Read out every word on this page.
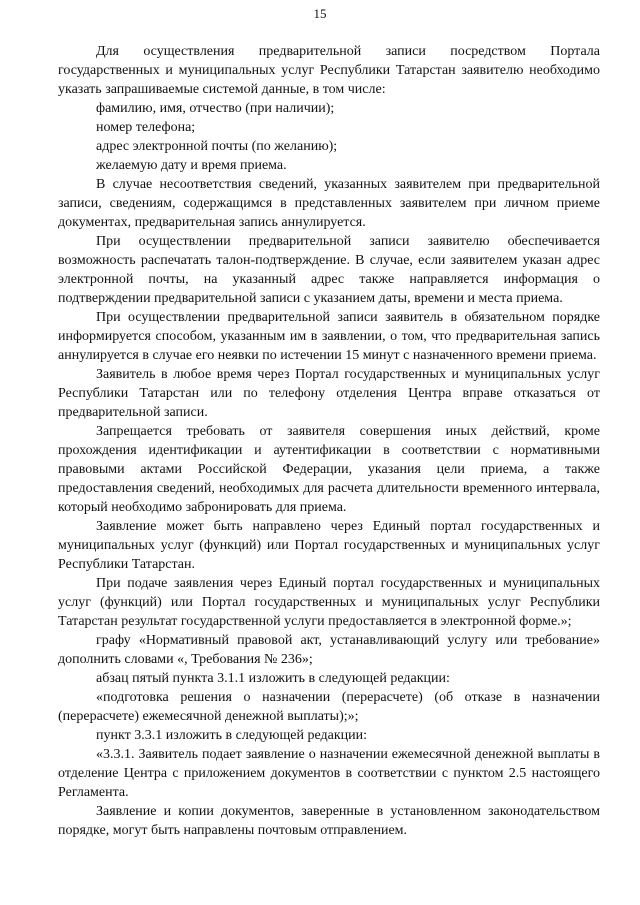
15

Для осуществления предварительной записи посредством Портала государственных и муниципальных услуг Республики Татарстан заявителю необходимо указать запрашиваемые системой данные, в том числе:

фамилию, имя, отчество (при наличии);

номер телефона;

адрес электронной почты (по желанию);

желаемую дату и время приема.

В случае несоответствия сведений, указанных заявителем при предварительной записи, сведениям, содержащимся в представленных заявителем при личном приеме документах, предварительная запись аннулируется.

При осуществлении предварительной записи заявителю обеспечивается возможность распечатать талон-подтверждение. В случае, если заявителем указан адрес электронной почты, на указанный адрес также направляется информация о подтверждении предварительной записи с указанием даты, времени и места приема.

При осуществлении предварительной записи заявитель в обязательном порядке информируется способом, указанным им в заявлении, о том, что предварительная запись аннулируется в случае его неявки по истечении 15 минут с назначенного времени приема.

Заявитель в любое время через Портал государственных и муниципальных услуг Республики Татарстан или по телефону отделения Центра вправе отказаться от предварительной записи.

Запрещается требовать от заявителя совершения иных действий, кроме прохождения идентификации и аутентификации в соответствии с нормативными правовыми актами Российской Федерации, указания цели приема, а также предоставления сведений, необходимых для расчета длительности временного интервала, который необходимо забронировать для приема.

Заявление может быть направлено через Единый портал государственных и муниципальных услуг (функций) или Портал государственных и муниципальных услуг Республики Татарстан.

При подаче заявления через Единый портал государственных и муниципальных услуг (функций) или Портал государственных и муниципальных услуг Республики Татарстан результат государственной услуги предоставляется в электронной форме.»;

графу «Нормативный правовой акт, устанавливающий услугу или требование» дополнить словами «, Требования № 236»;

абзац пятый пункта 3.1.1 изложить в следующей редакции:

«подготовка решения о назначении (перерасчете) (об отказе в назначении (перерасчете) ежемесячной денежной выплаты);»;

пункт 3.3.1 изложить в следующей редакции:

«3.3.1. Заявитель подает заявление о назначении ежемесячной денежной выплаты в отделение Центра с приложением документов в соответствии с пунктом 2.5 настоящего Регламента.

Заявление и копии документов, заверенные в установленном законодательством порядке, могут быть направлены почтовым отправлением.
